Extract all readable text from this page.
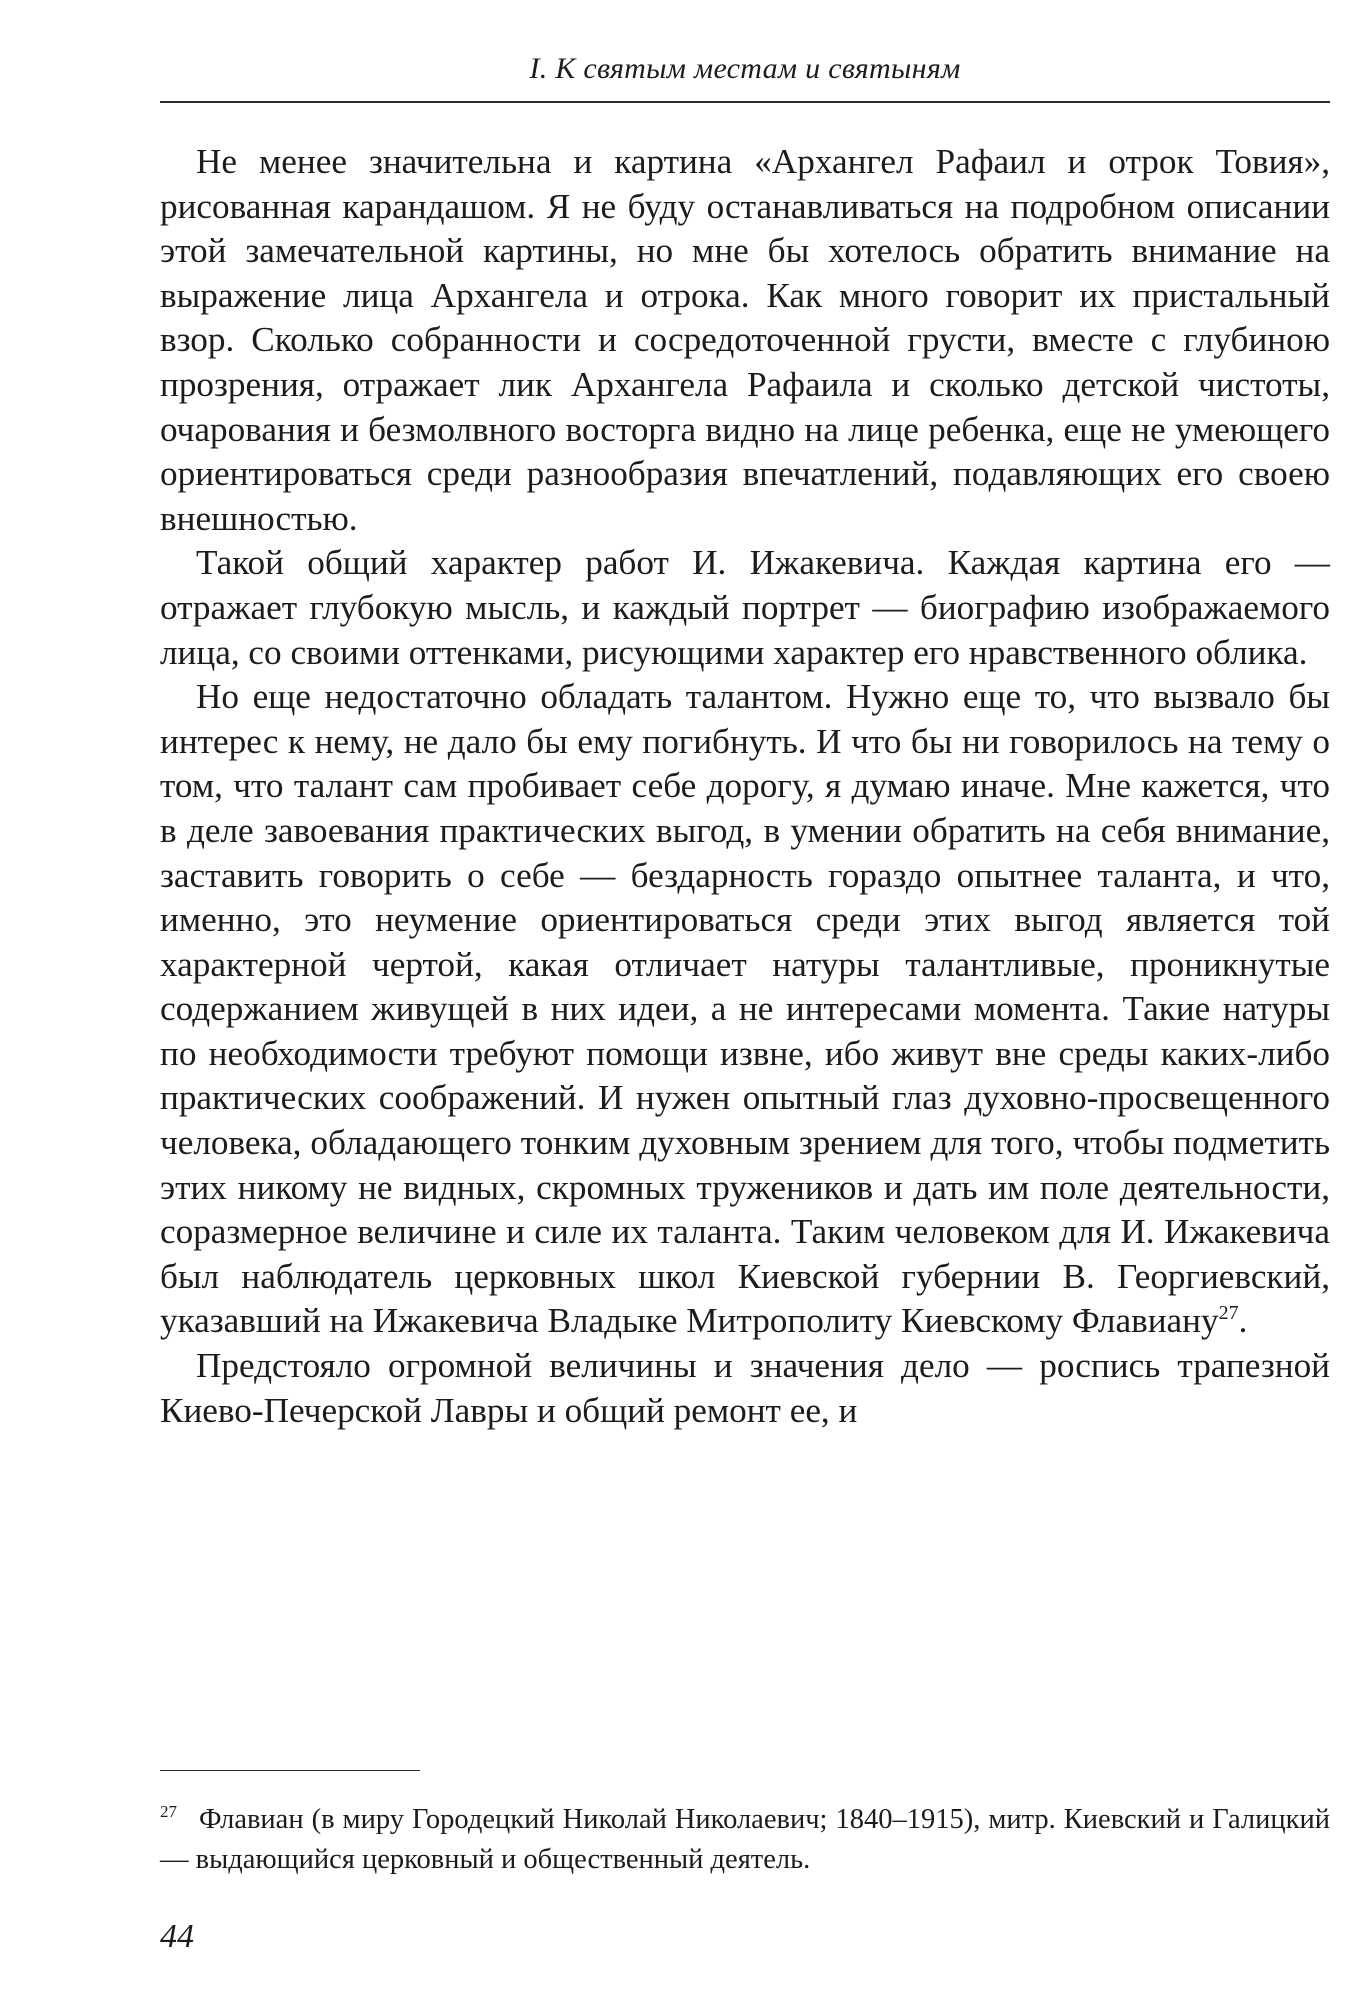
I. К святым местам и святыням

Не менее значительна и картина «Архангел Рафаил и отрок Товия», рисованная карандашом. Я не буду останавливаться на подробном описании этой замечательной картины, но мне бы хотелось обратить внимание на выражение лица Архангела и отрока. Как много говорит их пристальный взор. Сколько собранности и сосредоточенной грусти, вместе с глубиною прозрения, отражает лик Архангела Рафаила и сколько детской чистоты, очарования и безмолвного восторга видно на лице ребенка, еще не умеющего ориентироваться среди разнообразия впечатлений, подавляющих его своею внешностью.

Такой общий характер работ И. Ижакевича. Каждая картина его — отражает глубокую мысль, и каждый портрет — биографию изображаемого лица, со своими оттенками, рисующими характер его нравственного облика.

Но еще недостаточно обладать талантом. Нужно еще то, что вызвало бы интерес к нему, не дало бы ему погибнуть. И что бы ни говорилось на тему о том, что талант сам пробивает себе дорогу, я думаю иначе. Мне кажется, что в деле завоевания практических выгод, в умении обратить на себя внимание, заставить говорить о себе — бездарность гораздо опытнее таланта, и что, именно, это неумение ориентироваться среди этих выгод является той характерной чертой, какая отличает натуры талантливые, проникнутые содержанием живущей в них идеи, а не интересами момента. Такие натуры по необходимости требуют помощи извне, ибо живут вне среды каких-либо практических соображений. И нужен опытный глаз духовно-просвещенного человека, обладающего тонким духовным зрением для того, чтобы подметить этих никому не видных, скромных тружеников и дать им поле деятельности, соразмерное величине и силе их таланта. Таким человеком для И. Ижакевича был наблюдатель церковных школ Киевской губернии В. Георгиевский, указавший на Ижакевича Владыке Митрополиту Киевскому Флавиану$^{27}$.

Предстояло огромной величины и значения дело — роспись трапезной Киево-Печерской Лавры и общий ремонт ее, и

$^{27}$ Флавиан (в миру Городецкий Николай Николаевич; 1840–1915), митр. Киевский и Галицкий — выдающийся церковный и общественный деятель.
44
